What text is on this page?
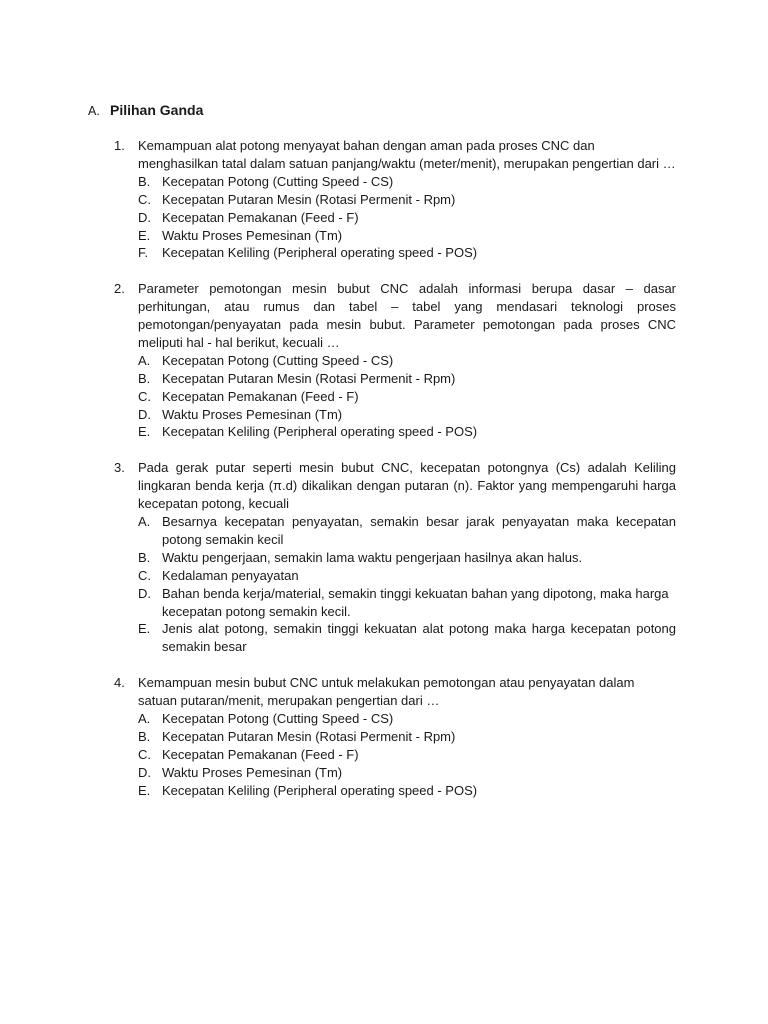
A. Pilihan Ganda
1.	Kemampuan alat potong menyayat bahan dengan aman pada proses CNC dan menghasilkan tatal dalam satuan panjang/waktu (meter/menit), merupakan pengertian dari …
B. Kecepatan Potong (Cutting Speed - CS)
C. Kecepatan Putaran Mesin (Rotasi Permenit - Rpm)
D. Kecepatan Pemakanan (Feed - F)
E. Waktu Proses Pemesinan (Tm)
F.	Kecepatan Keliling (Peripheral operating speed - POS)
2.	Parameter pemotongan mesin bubut CNC adalah informasi berupa dasar – dasar perhitungan, atau rumus dan tabel – tabel yang mendasari teknologi proses pemotongan/penyayatan pada mesin bubut. Parameter pemotongan pada proses CNC meliputi hal - hal berikut, kecuali …
A. Kecepatan Potong (Cutting Speed - CS)
B. Kecepatan Putaran Mesin (Rotasi Permenit - Rpm)
C. Kecepatan Pemakanan (Feed - F)
D. Waktu Proses Pemesinan (Tm)
E. Kecepatan Keliling (Peripheral operating speed - POS)
3.	Pada gerak putar seperti mesin bubut CNC, kecepatan potongnya (Cs) adalah Keliling lingkaran benda kerja (π.d) dikalikan dengan putaran (n). Faktor yang mempengaruhi harga kecepatan potong, kecuali
A. Besarnya kecepatan penyayatan, semakin besar jarak penyayatan maka kecepatan potong semakin kecil
B. Waktu pengerjaan, semakin lama waktu pengerjaan hasilnya akan halus.
C. Kedalaman penyayatan
D. Bahan benda kerja/material, semakin tinggi kekuatan bahan yang dipotong, maka harga kecepatan potong semakin kecil.
E. Jenis alat potong, semakin tinggi kekuatan alat potong maka harga kecepatan potong semakin besar
4.	Kemampuan mesin bubut CNC untuk melakukan pemotongan atau penyayatan dalam satuan putaran/menit, merupakan pengertian dari …
A. Kecepatan Potong (Cutting Speed - CS)
B. Kecepatan Putaran Mesin (Rotasi Permenit - Rpm)
C. Kecepatan Pemakanan (Feed - F)
D. Waktu Proses Pemesinan (Tm)
E. Kecepatan Keliling (Peripheral operating speed - POS)
